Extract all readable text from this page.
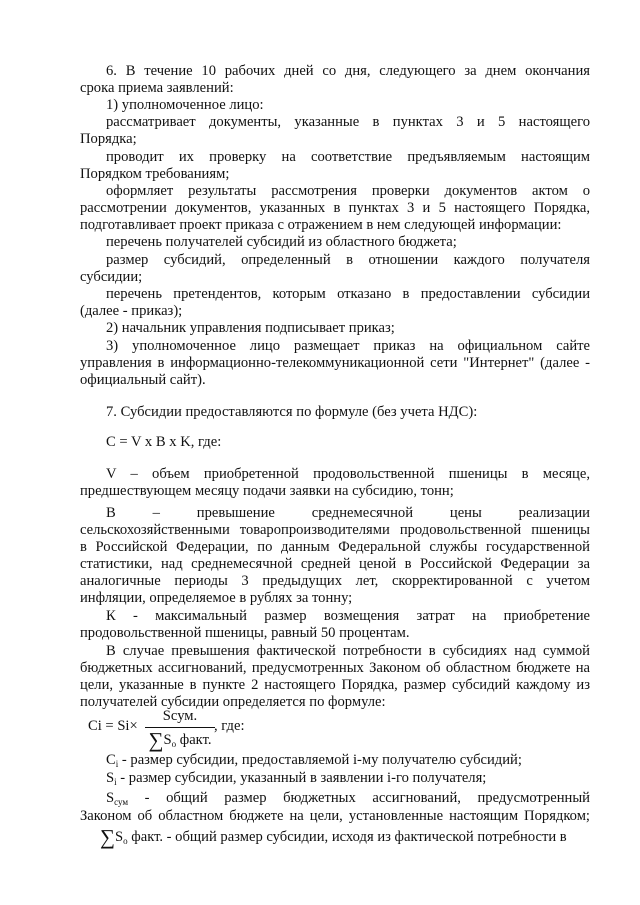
6. В течение 10 рабочих дней со дня, следующего за днем окончания
срока приема заявлений:
1) уполномоченное лицо:
рассматривает документы, указанные в пунктах 3 и 5 настоящего
Порядка;
проводит их проверку на соответствие предъявляемым настоящим
Порядком требованиям;
оформляет результаты рассмотрения проверки документов актом о
рассмотрении документов, указанных в пунктах 3 и 5 настоящего Порядка,
подготавливает проект приказа с отражением в нем следующей информации:
перечень получателей субсидий из областного бюджета;
размер субсидий, определенный в отношении каждого получателя
субсидии;
перечень претендентов, которым отказано в предоставлении субсидии
(далее - приказ);
2) начальник управления подписывает приказ;
3) уполномоченное лицо размещает приказ на официальном сайте
управления в информационно-телекоммуникационной сети "Интернет" (далее -
официальный сайт).
7. Субсидии предоставляются по формуле (без учета НДС):
C = V x B x K, где:
V – объем приобретенной продовольственной пшеницы в месяце,
предшествующем месяцу подачи заявки на субсидию, тонн;
B – превышение среднемесячной цены реализации
сельскохозяйственными товаропроизводителями продовольственной пшеницы
в Российской Федерации, по данным Федеральной службы государственной
статистики, над среднемесячной средней ценой в Российской Федерации за
аналогичные периоды 3 предыдущих лет, скорректированной с учетом
инфляции, определяемое в рублях за тонну;
К - максимальный размер возмещения затрат на приобретение
продовольственной пшеницы, равный 50 процентам.
В случае превышения фактической потребности в субсидиях над суммой
бюджетных ассигнований, предусмотренных Законом об областном бюджете на
цели, указанные в пункте 2 настоящего Порядка, размер субсидий каждому из
получателей субсидии определяется по формуле:
Ci = Si×
Sсум.
$\sum S_o$ факт.
, где:
$C_i$ - размер субсидии, предоставляемой i-му получателю субсидий;
$S_i$ - размер субсидии, указанный в заявлении i-го получателя;
$S_{сум}$ - общий размер бюджетных ассигнований, предусмотренный
Законом об областном бюджете на цели, установленные настоящим Порядком;
$\sum S_o$ факт. - общий размер субсидии, исходя из фактической потребности в
